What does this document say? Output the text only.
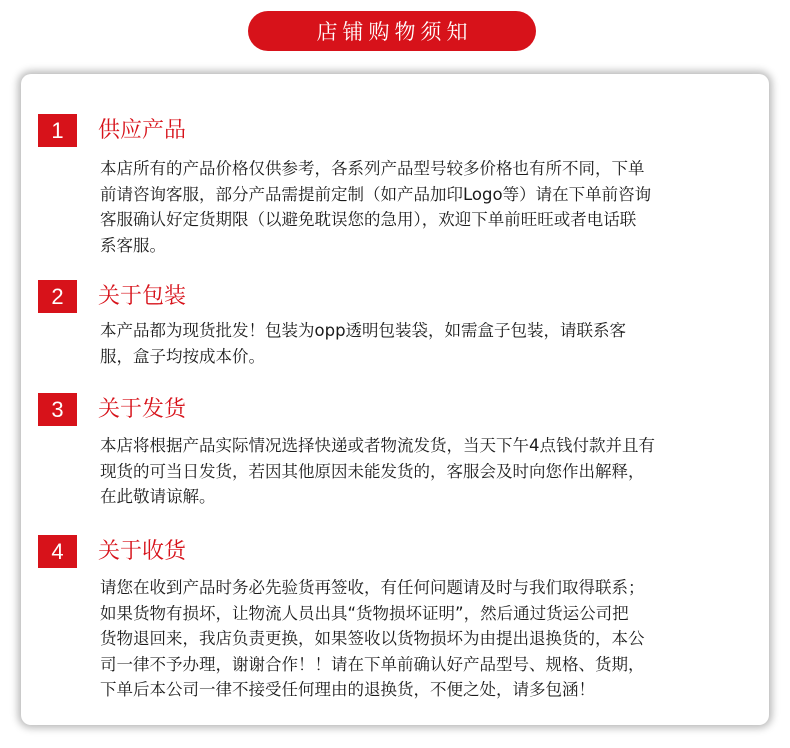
店铺购物须知
1	供应产品

本店所有的产品价格仅供参考，各系列产品型号较多价格也有所不同，下单
前请咨询客服，部分产品需提前定制（如产品加印Logo等）请在下单前咨询
客服确认好定货期限（以避免耽误您的急用），欢迎下单前旺旺或者电话联
系客服。

2	关于包装

本产品都为现货批发！包装为opp透明包装袋，如需盒子包装，请联系客
服，盒子均按成本价。

3	关于发货

本店将根据产品实际情况选择快递或者物流发货，当天下午4点钱付款并且有
现货的可当日发货，若因其他原因未能发货的，客服会及时向您作出解释，
在此敬请谅解。

4	关于收货

请您在收到产品时务必先验货再签收，有任何问题请及时与我们取得联系；
如果货物有损坏，让物流人员出具“货物损坏证明”，然后通过货运公司把
货物退回来，我店负责更换，如果签收以货物损坏为由提出退换货的，本公
司一律不予办理，谢谢合作！！请在下单前确认好产品型号、规格、货期，
下单后本公司一律不接受任何理由的退换货，不便之处，请多包涵！
